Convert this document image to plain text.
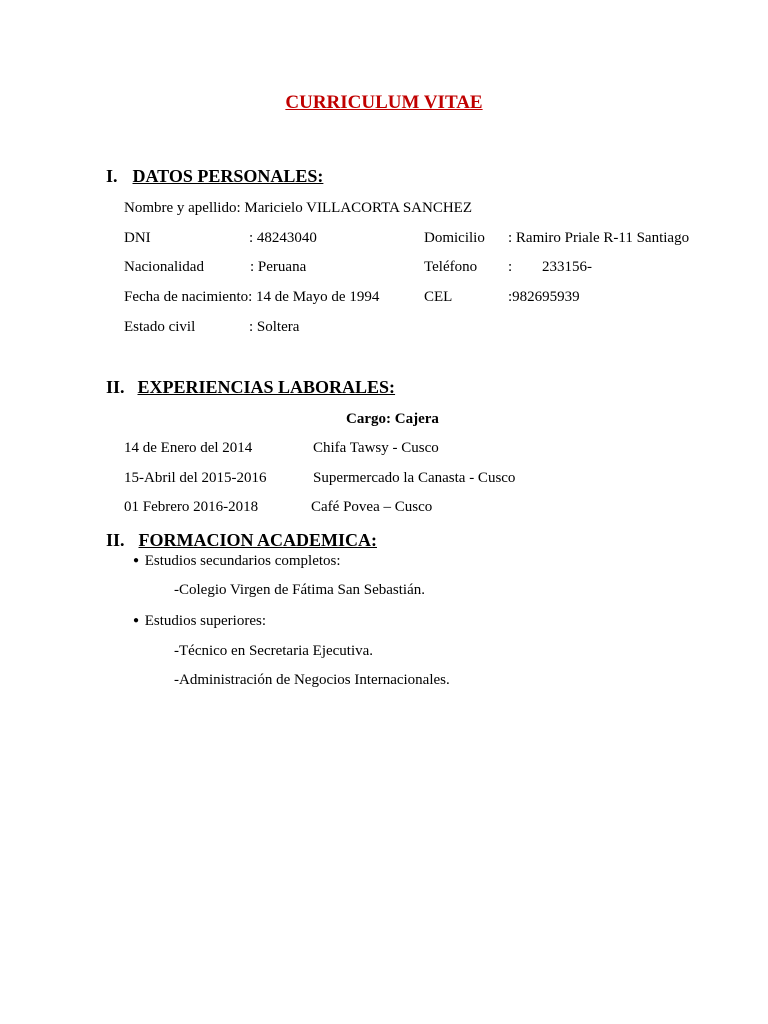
CURRICULUM VITAE
I. DATOS PERSONALES:
Nombre y apellido: Maricielo VILLACORTA SANCHEZ
DNI	: 48243040	Domicilio : Ramiro Priale R-11 Santiago
Nacionalidad	: Peruana	Teléfono : 233156-
Fecha de nacimiento: 14 de Mayo de 1994	CEL	:982695939
Estado civil	: Soltera
II. EXPERIENCIAS LABORALES:
Cargo: Cajera
14 de Enero del 2014	Chifa Tawsy - Cusco
15-Abril del 2015-2016	Supermercado la Canasta - Cusco
01 Febrero 2016-2018	Café Povea – Cusco
II. FORMACION ACADEMICA:
● Estudios secundarios completos:
-Colegio Virgen de Fátima San Sebastián.
● Estudios superiores:
-Técnico en Secretaria Ejecutiva.
-Administración de Negocios Internacionales.
